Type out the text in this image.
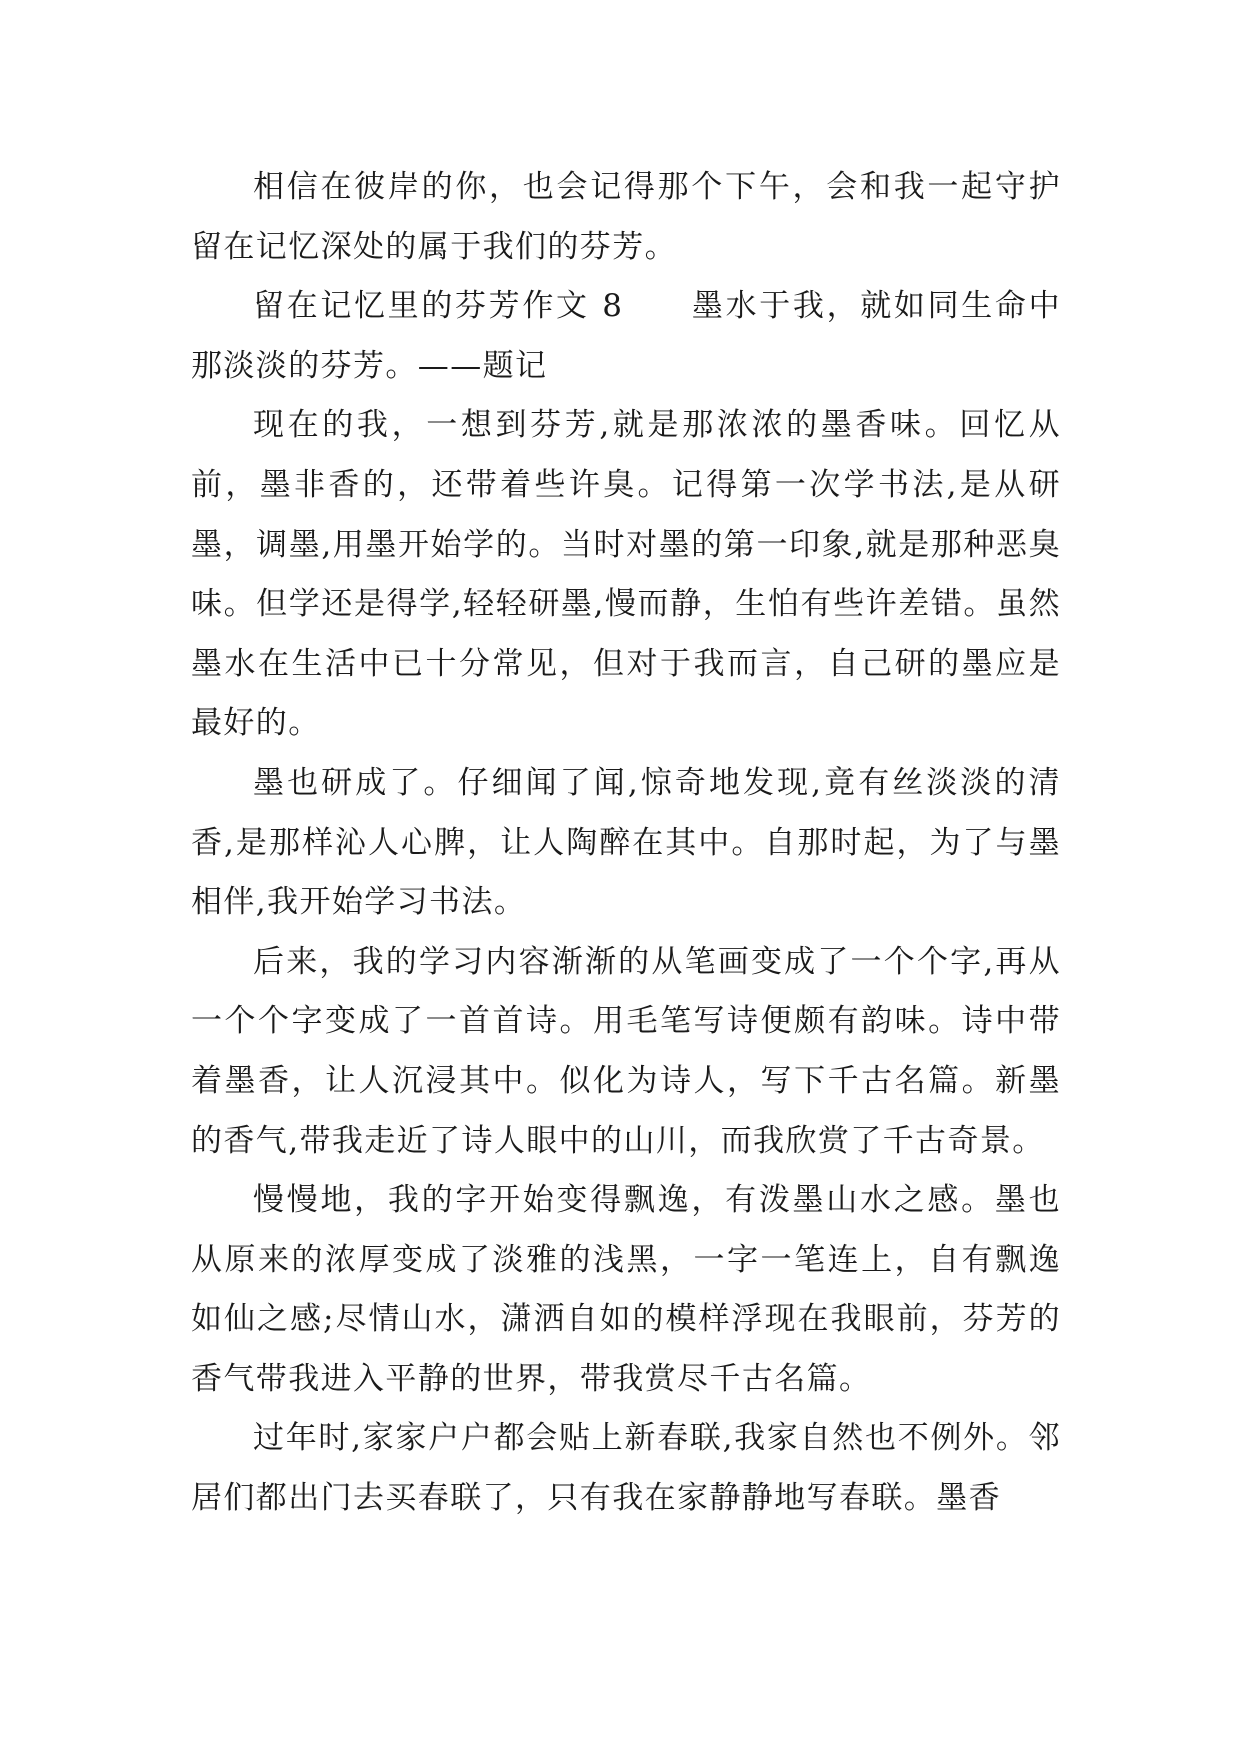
相信在彼岸的你，也会记得那个下午，会和我一起守护留在记忆深处的属于我们的芬芳。

留在记忆里的芬芳作文 8　　墨水于我，就如同生命中那淡淡的芬芳。——题记

现在的我，一想到芬芳,就是那浓浓的墨香味。回忆从前，墨非香的，还带着些许臭。记得第一次学书法,是从研墨，调墨,用墨开始学的。当时对墨的第一印象,就是那种恶臭味。但学还是得学,轻轻研墨,慢而静，生怕有些许差错。虽然墨水在生活中已十分常见，但对于我而言，自己研的墨应是最好的。

墨也研成了。仔细闻了闻,惊奇地发现,竟有丝淡淡的清香,是那样沁人心脾，让人陶醉在其中。自那时起，为了与墨相伴,我开始学习书法。

后来，我的学习内容渐渐的从笔画变成了一个个字,再从一个个字变成了一首首诗。用毛笔写诗便颇有韵味。诗中带着墨香，让人沉浸其中。似化为诗人，写下千古名篇。新墨的香气,带我走近了诗人眼中的山川，而我欣赏了千古奇景。

慢慢地，我的字开始变得飘逸，有泼墨山水之感。墨也从原来的浓厚变成了淡雅的浅黑，一字一笔连上，自有飘逸如仙之感;尽情山水，潇洒自如的模样浮现在我眼前，芬芳的香气带我进入平静的世界，带我赏尽千古名篇。

过年时,家家户户都会贴上新春联,我家自然也不例外。邻居们都出门去买春联了，只有我在家静静地写春联。墨香
